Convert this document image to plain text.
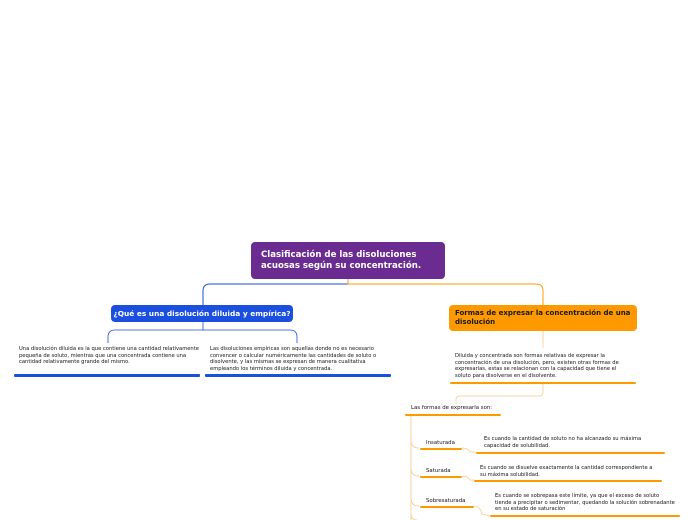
Clasificación de las disoluciones acuosas según su concentración.
¿Qué es una disolución diluida y empírica?
Una disolución diluida es la que contiene una cantidad relativamente pequeña de soluto, mientras que una concentrada contiene una cantidad relativamente grande del mismo.
Las disoluciones empíricas son aquellas donde no es necesario convencer o calcular numéricamente las cantidades de soluto o disolvente, y las mismas se expresan de manera cualitativa empleando los términos diluida y concentrada.
Formas de expresar la concentración de una disolución
Diluida y concentrada son formas relativas de expresar la concentración de una disolución, pero, existen otras formas de expresarlas, estas se relacionan con la capacidad que tiene el soluto para disolverse en el disolvente.
Las formas de expresarla son:
Insaturada
Es cuando la cantidad de soluto no ha alcanzado su máxima capacidad de solubilidad.
Saturada	Es cuando se disuelve exactamente la cantidad correspondiente a su máxima solubilidad.
Sobresaturada
Es cuando se sobrepasa este límite, ya que el exceso de soluto tiende a precipitar o sedimentar, quedando la solución sobrenadante en su estado de saturación
